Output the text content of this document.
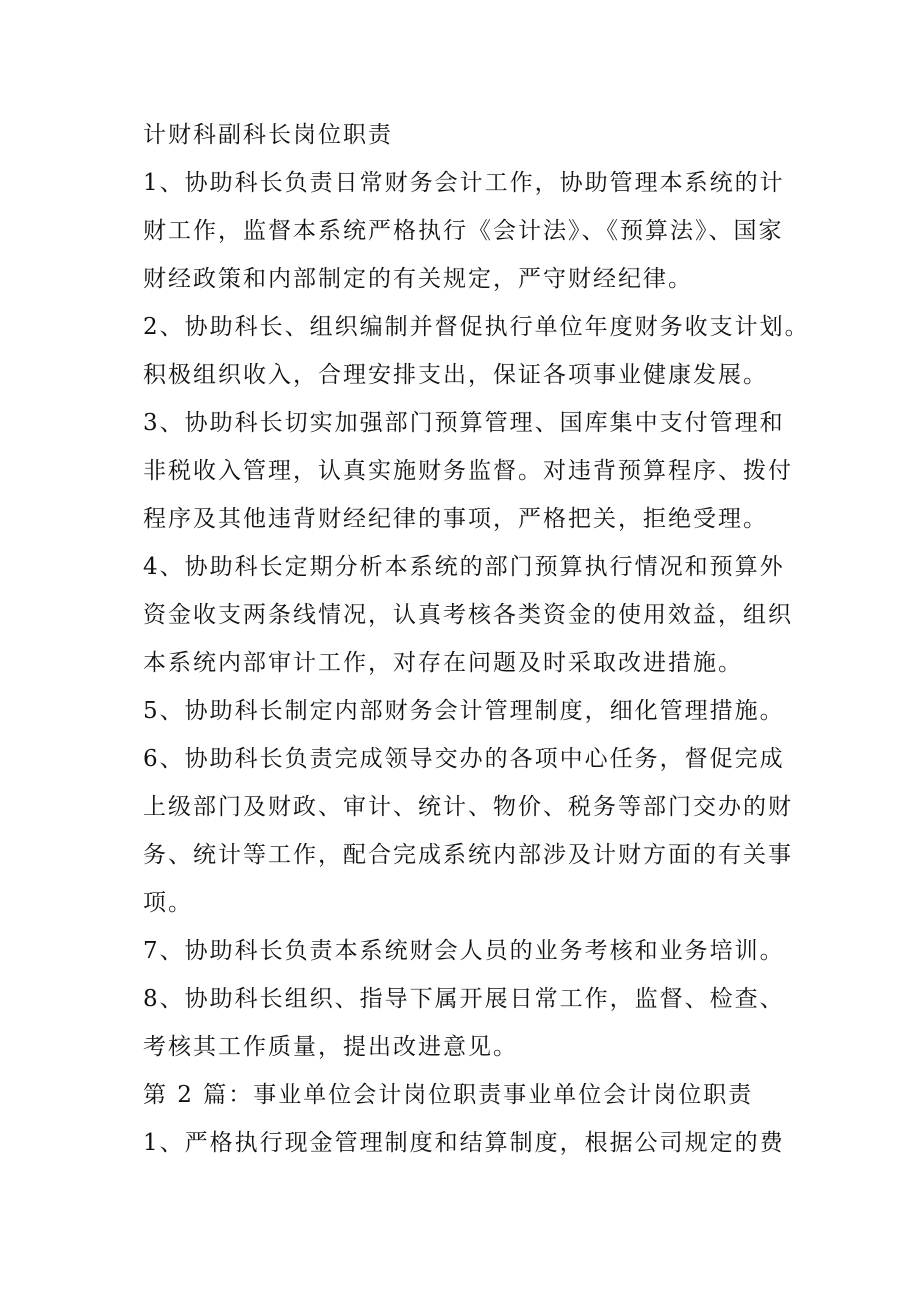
计财科副科长岗位职责
1、协助科长负责日常财务会计工作，协助管理本系统的计
财工作，监督本系统严格执行《会计法》、《预算法》、国家
财经政策和内部制定的有关规定，严守财经纪律。
2、协助科长、组织编制并督促执行单位年度财务收支计划。
积极组织收入，合理安排支出，保证各项事业健康发展。
3、协助科长切实加强部门预算管理、国库集中支付管理和
非税收入管理，认真实施财务监督。对违背预算程序、拨付
程序及其他违背财经纪律的事项，严格把关，拒绝受理。
4、协助科长定期分析本系统的部门预算执行情况和预算外
资金收支两条线情况，认真考核各类资金的使用效益，组织
本系统内部审计工作，对存在问题及时采取改进措施。
5、协助科长制定内部财务会计管理制度，细化管理措施。
6、协助科长负责完成领导交办的各项中心任务，督促完成
上级部门及财政、审计、统计、物价、税务等部门交办的财
务、统计等工作，配合完成系统内部涉及计财方面的有关事
项。
7、协助科长负责本系统财会人员的业务考核和业务培训。
8、协助科长组织、指导下属开展日常工作，监督、检查、
考核其工作质量，提出改进意见。
第 2 篇：事业单位会计岗位职责事业单位会计岗位职责
1、严格执行现金管理制度和结算制度，根据公司规定的费
